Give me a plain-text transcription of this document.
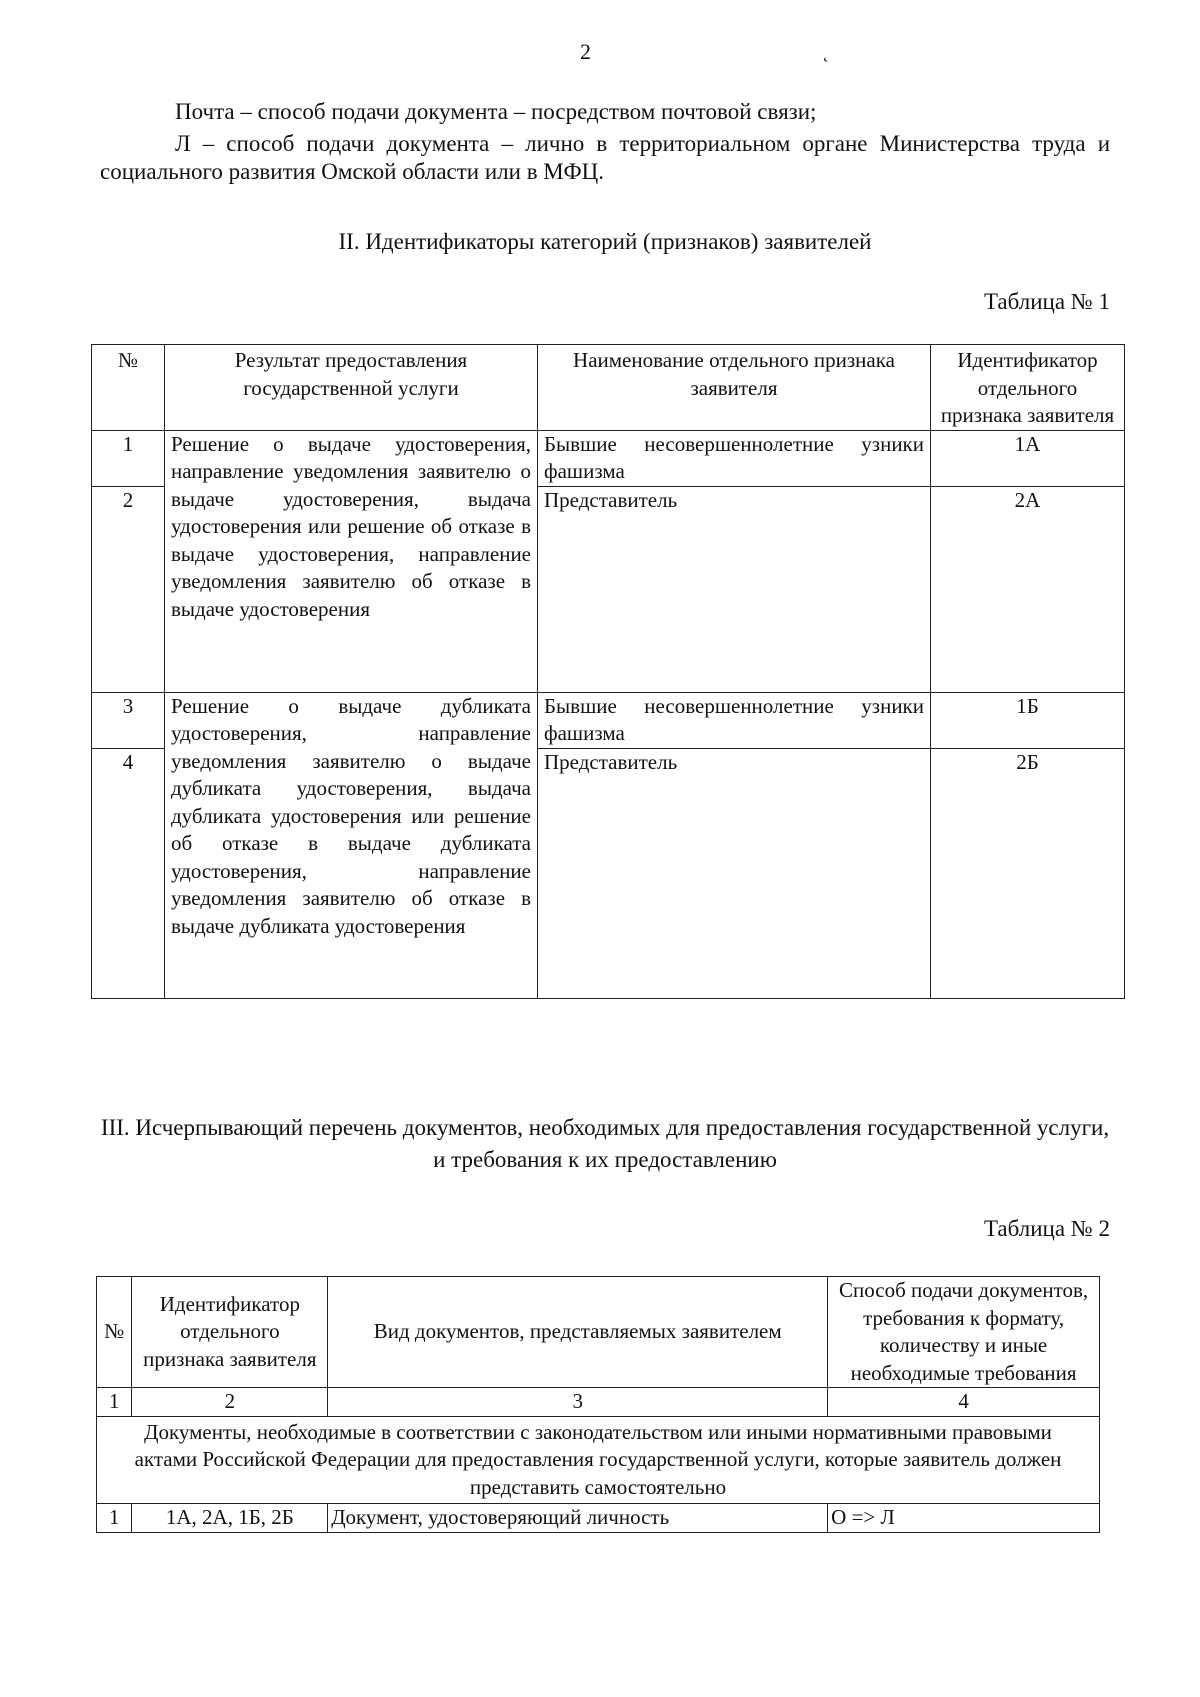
2	˛
Почта – способ подачи документа – посредством почтовой связи;
Л – способ подачи документа – лично в территориальном органе Министерства труда и социального развития Омской области или в МФЦ.
II. Идентификаторы категорий (признаков) заявителей
Таблица № 1
№	Результат предоставления государственной услуги	Наименование отдельного признака заявителя	Идентификатор отдельного признака заявителя
1	Решение о выдаче удостоверения, направление уведомления заявителю о выдаче удостоверения, выдача удостоверения или решение об отказе в выдаче удостоверения, направление уведомления заявителю об отказе в выдаче удостоверения	Бывшие несовершеннолетние узники фашизма	1А
2		Представитель	2А
3	Решение о выдаче дубликата удостоверения, направление уведомления заявителю о выдаче дубликата удостоверения, выдача дубликата удостоверения или решение об отказе в выдаче дубликата удостоверения, направление уведомления заявителю об отказе в выдаче дубликата удостоверения	Бывшие несовершеннолетние узники фашизма	1Б
4		Представитель	2Б
III. Исчерпывающий перечень документов, необходимых для предоставления государственной услуги, и требования к их предоставлению
Таблица № 2
№	Идентификатор отдельного признака заявителя	Вид документов, представляемых заявителем	Способ подачи документов, требования к формату, количеству и иные необходимые требования
1	2	3	4
Документы, необходимые в соответствии с законодательством или иными нормативными правовыми актами Российской Федерации для предоставления государственной услуги, которые заявитель должен представить самостоятельно			
1	1А, 2А, 1Б, 2Б	Документ, удостоверяющий личность	О => Л
